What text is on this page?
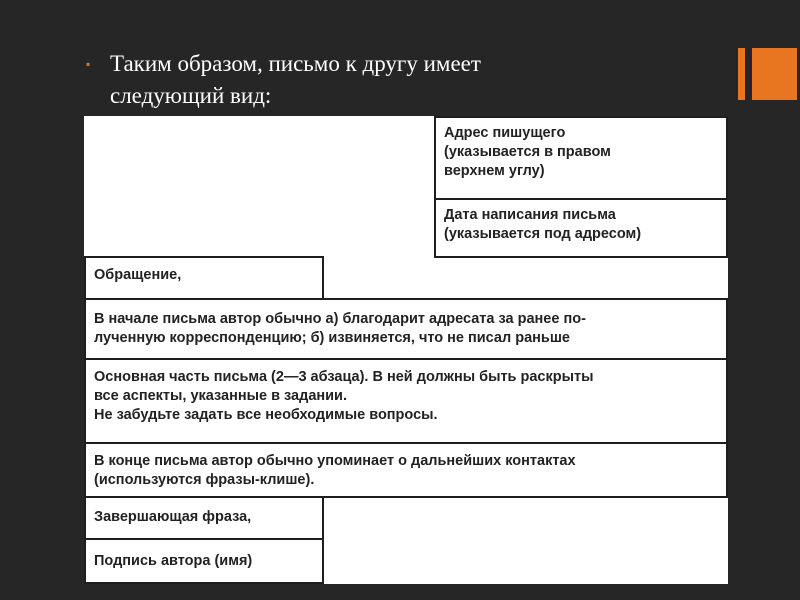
▪ Таким образом, письмо к другу имеет
следующий вид:
Адрес пишущего
(указывается в правом
верхнем углу)
Дата написания письма
(указывается под адресом)
Обращение,
В начале письма автор обычно а) благодарит адресата за ранее по-
лученную корреспонденцию; б) извиняется, что не писал раньше
Основная часть письма (2—3 абзаца). В ней должны быть раскрыты
все аспекты, указанные в задании.
Не забудьте задать все необходимые вопросы.
В конце письма автор обычно упоминает о дальнейших контактах
(используются фразы-клише).
Завершающая фраза,
Подпись автора (имя)
